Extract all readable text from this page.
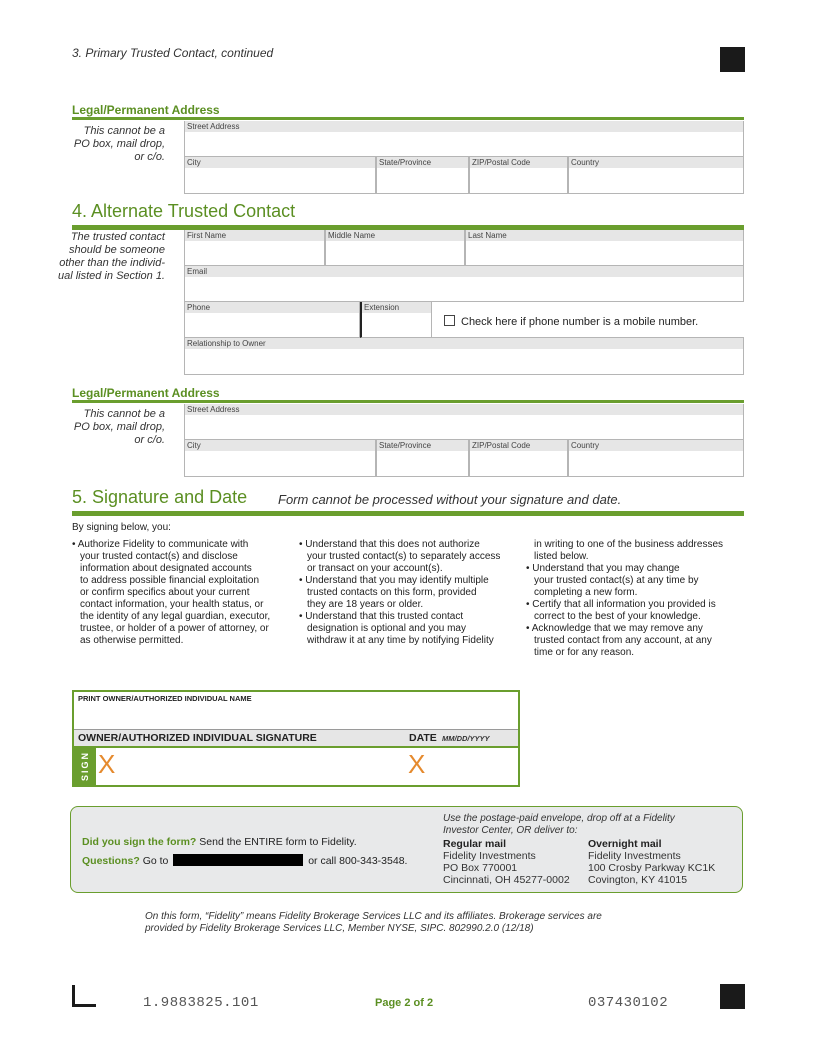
3. Primary Trusted Contact, continued
Legal/Permanent Address
This cannot be a
PO box, mail drop,
or c/o.
Street Address
City	State/Province	ZIP/Postal Code	Country
4. Alternate Trusted Contact
The trusted contact
should be someone
other than the individ-
ual listed in Section 1.
First Name	Middle Name	Last Name
Email
Phone	Extension
Check here if phone number is a mobile number.
Relationship to Owner
Legal/Permanent Address
This cannot be a
PO box, mail drop,
or c/o.
Street Address
City	State/Province	ZIP/Postal Code	Country
5. Signature and Date Form cannot be processed without your signature and date.
By signing below, you:
• Authorize Fidelity to communicate with
your trusted contact(s) and disclose
information about designated accounts
to address possible financial exploitation
or confirm specifics about your current
contact information, your health status, or
the identity of any legal guardian, executor,
trustee, or holder of a power of attorney, or
as otherwise permitted.
• Understand that this does not authorize
your trusted contact(s) to separately access
or transact on your account(s).
• Understand that you may identify multiple
trusted contacts on this form, provided
they are 18 years or older.
• Understand that this trusted contact
designation is optional and you may
withdraw it at any time by notifying Fidelity
in writing to one of the business addresses
listed below.
• Understand that you may change
your trusted contact(s) at any time by
completing a new form.
• Certify that all information you provided is
correct to the best of your knowledge.
• Acknowledge that we may remove any
trusted contact from any account, at any
time or for any reason.
PRINT OWNER/AUTHORIZED INDIVIDUAL NAME
OWNER/AUTHORIZED INDIVIDUAL SIGNATURE	DATE MM/DD/YYYY
SIGN X	X
Did you sign the form? Send the ENTIRE form to Fidelity.
Questions? Go to	or call 800-343-3548.
Use the postage-paid envelope, drop off at a Fidelity
Investor Center, OR deliver to:
Regular mail
Fidelity Investments
PO Box 770001
Cincinnati, OH 45277-0002
Overnight mail
Fidelity Investments
100 Crosby Parkway KC1K
Covington, KY 41015
On this form, “Fidelity” means Fidelity Brokerage Services LLC and its affiliates. Brokerage services are
provided by Fidelity Brokerage Services LLC, Member NYSE, SIPC. 802990.2.0 (12/18)
1.9883825.101	Page 2 of 2	037430102
